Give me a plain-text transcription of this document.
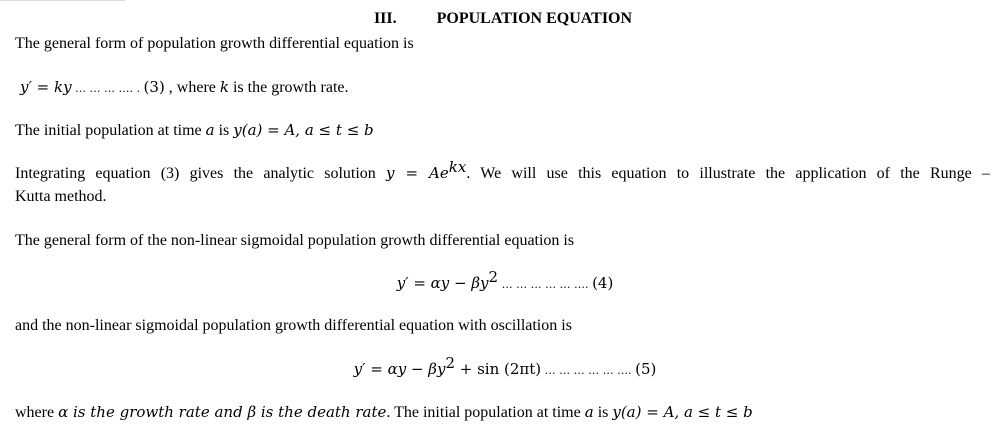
III.	POPULATION EQUATION
The general form of population growth differential equation is
y′ = ky … … … …. . (3) , where k is the growth rate.
The initial population at time a is y(a) = A, a ≤ t ≤ b
Integrating equation (3) gives the analytic solution $y = Ae^{kx}$. We will use this equation to illustrate the application of the Runge –
Kutta method.
The general form of the non-linear sigmoidal population growth differential equation is
$y' = \alpha y - \beta y^2$ … … … … … …. (4)
and the non-linear sigmoidal population growth differential equation with oscillation is
$y' = \alpha y - \beta y^2 + \sin (2\pi t)$ … … … … … …. (5)
where α is the growth rate and β is the death rate. The initial population at time a is y(a) = A, a ≤ t ≤ b
